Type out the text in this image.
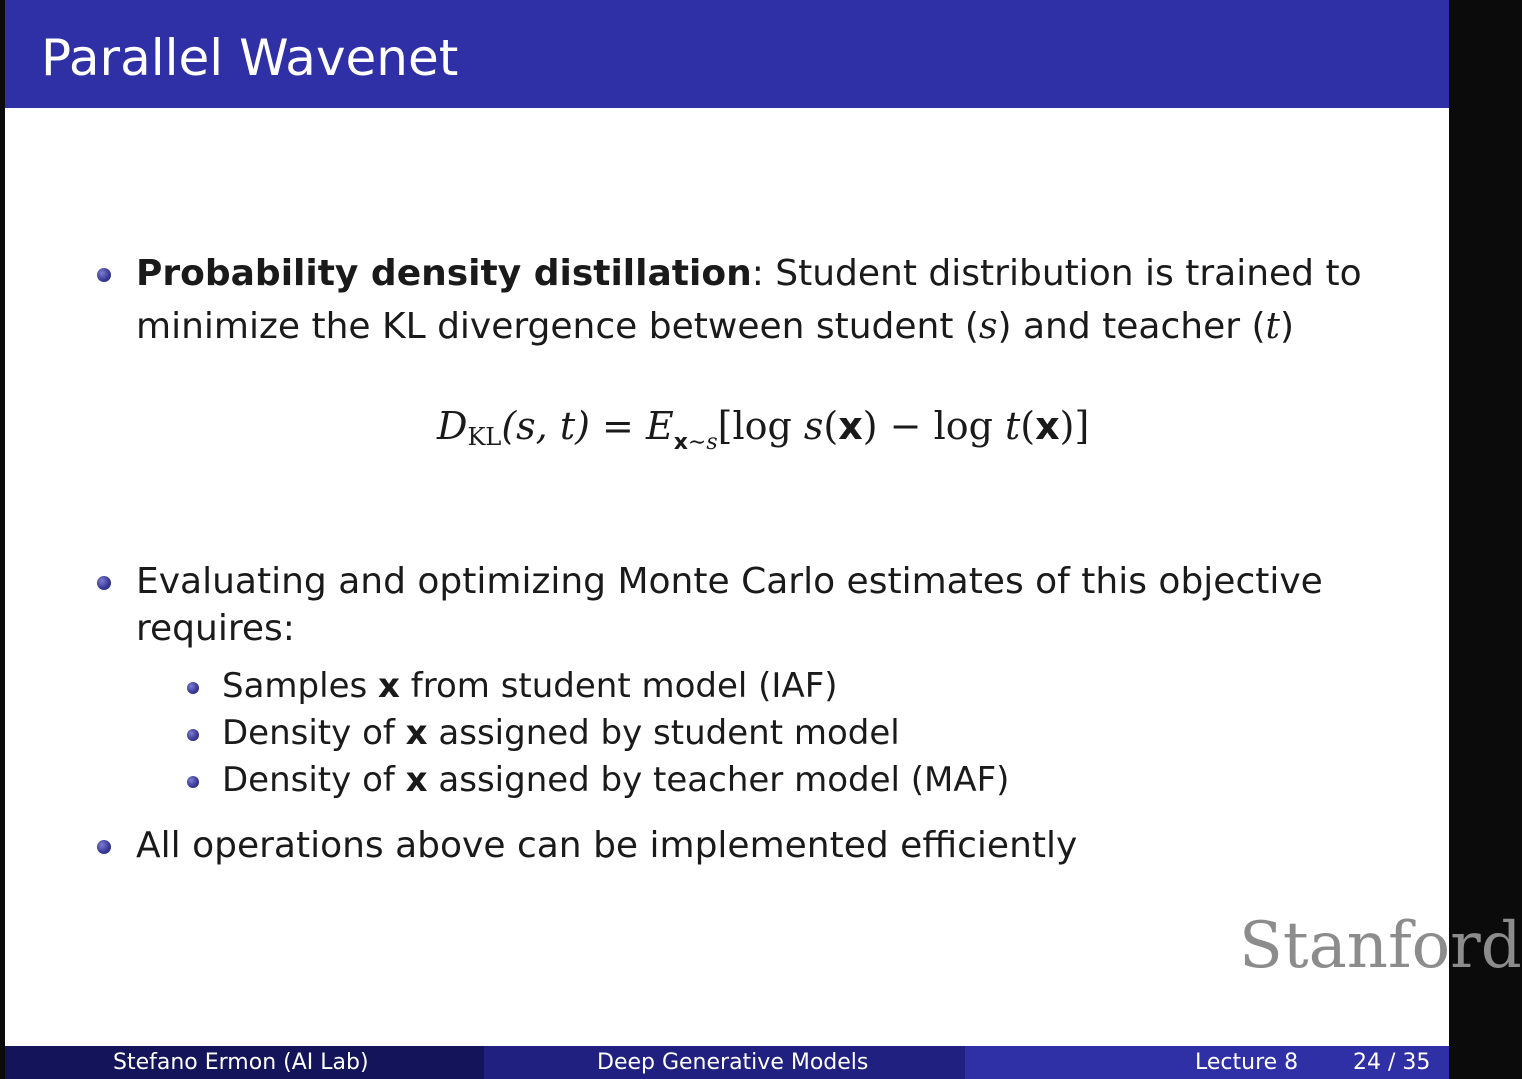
Parallel Wavenet
Probability density distillation: Student distribution is trained to
minimize the KL divergence between student (s) and teacher (t)
DKL(s, $t) = E_{x\sim s}[\log$ s(x) − log t(x)]
Evaluating and optimizing Monte Carlo estimates of this objective
requires:
Samples x from student model (IAF)
Density of x assigned by student model
Density of x assigned by teacher model (MAF)
All operations above can be implemented efficiently
Stanford
Stefano Ermon (AI Lab)	Deep Generative Models	Lecture 8 24 / 35
